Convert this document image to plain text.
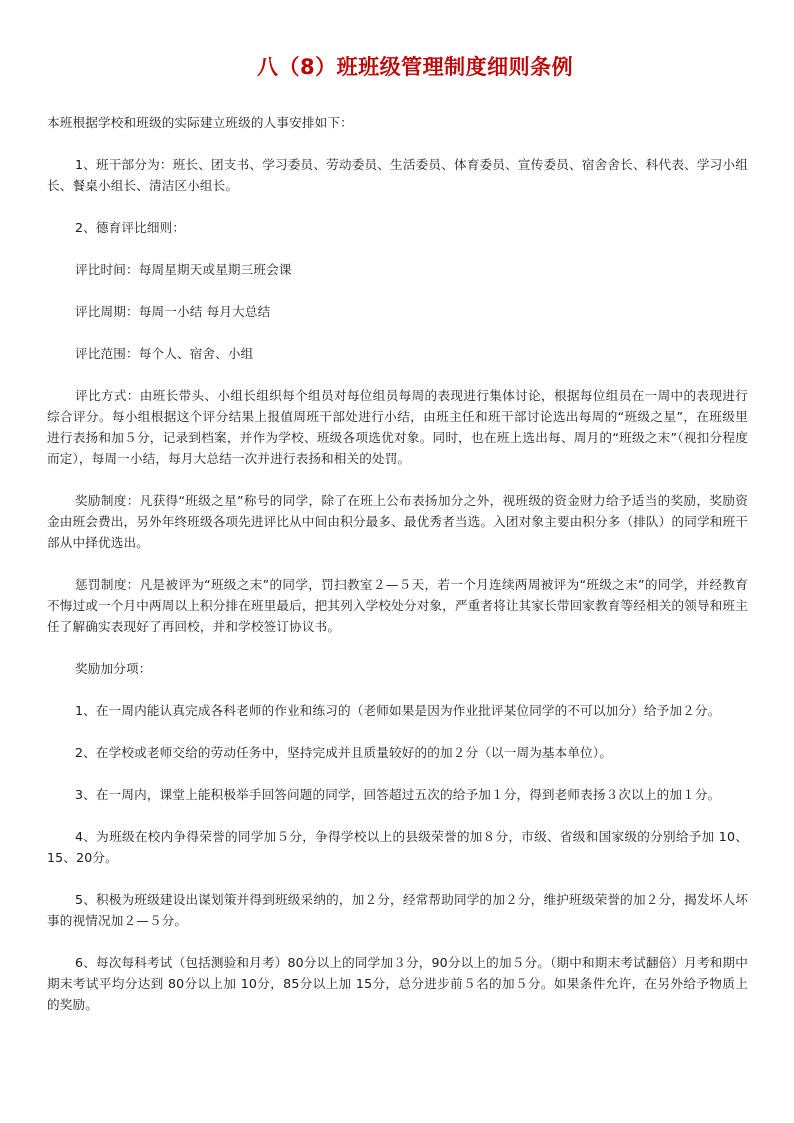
八（8）班班级管理制度细则条例

本班根据学校和班级的实际建立班级的人事安排如下：

1、班干部分为：班长、团支书、学习委员、劳动委员、生活委员、体育委员、宣传委员、宿舍舍长、科代表、学习小组长、餐桌小组长、清洁区小组长。

2、德育评比细则：

评比时间：每周星期天或星期三班会课

评比周期：每周一小结 每月大总结

评比范围：每个人、宿舍、小组

评比方式：由班长带头、小组长组织每个组员对每位组员每周的表现进行集体讨论，根据每位组员在一周中的表现进行综合评分。每小组根据这个评分结果上报值周班干部处进行小结，由班主任和班干部讨论选出每周的“班级之星”，在班级里进行表扬和加５分，记录到档案，并作为学校、班级各项选优对象。同时，也在班上选出每、周月的“班级之末”（视扣分程度而定），每周一小结，每月大总结一次并进行表扬和相关的处罚。

奖励制度：凡获得“班级之星”称号的同学，除了在班上公布表扬加分之外，视班级的资金财力给予适当的奖励，奖励资金由班会费出，另外年终班级各项先进评比从中间由积分最多、最优秀者当选。入团对象主要由积分多（排队）的同学和班干部从中择优选出。

惩罚制度：凡是被评为“班级之末”的同学，罚扫教室２—５天，若一个月连续两周被评为“班级之末”的同学，并经教育不悔过或一个月中两周以上积分排在班里最后，把其列入学校处分对象，严重者将让其家长带回家教育等经相关的领导和班主任了解确实表现好了再回校，并和学校签订协议书。

奖励加分项：

1、在一周内能认真完成各科老师的作业和练习的（老师如果是因为作业批评某位同学的不可以加分）给予加２分。

2、在学校或老师交给的劳动任务中，坚持完成并且质量较好的的加２分（以一周为基本单位）。

3、在一周内，课堂上能积极举手回答问题的同学，回答超过五次的给予加１分，得到老师表扬３次以上的加１分。

4、为班级在校内争得荣誉的同学加５分，争得学校以上的县级荣誉的加８分，市级、省级和国家级的分别给予加 10、15、20分。

5、积极为班级建设出谋划策并得到班级采纳的，加２分，经常帮助同学的加２分，维护班级荣誉的加２分，揭发坏人坏事的视情况加２—５分。

6、每次每科考试（包括测验和月考）80分以上的同学加３分，90分以上的加５分。（期中和期末考试翻倍）月考和期中期末考试平均分达到 80分以上加 10分，85分以上加 15分，总分进步前５名的加５分。如果条件允许，在另外给予物质上的奖励。
